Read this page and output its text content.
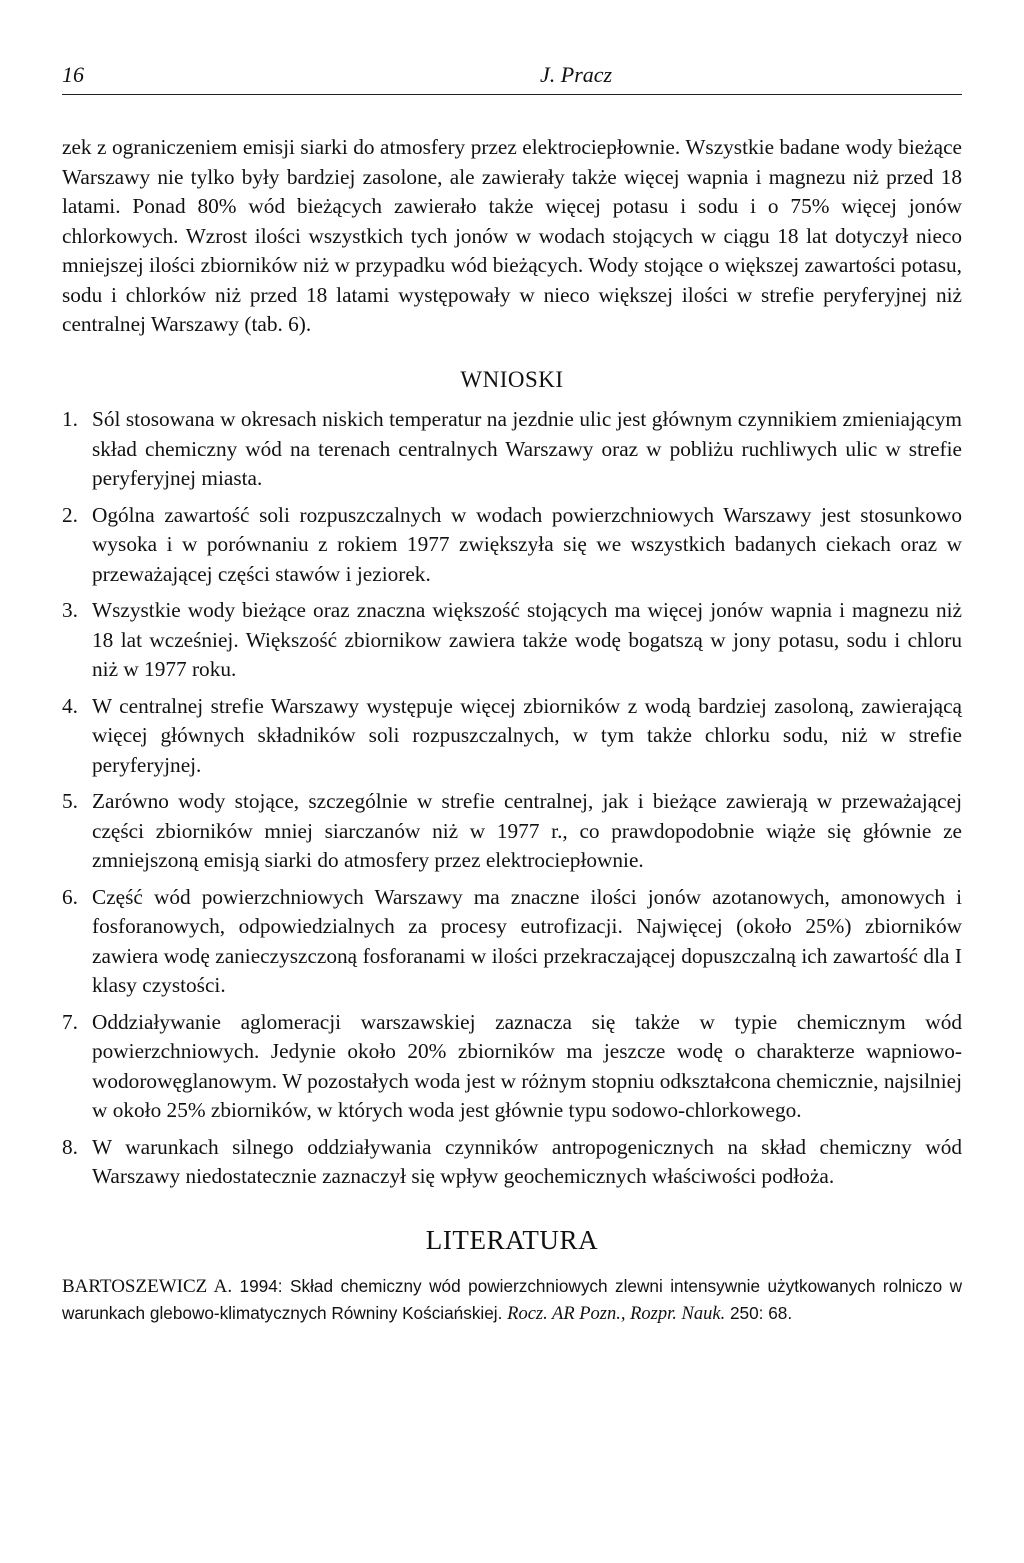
16	J. Pracz

zek z ograniczeniem emisji siarki do atmosfery przez elektrociepłownie. Wszystkie badane wody bieżące Warszawy nie tylko były bardziej zasolone, ale zawierały także więcej wapnia i magnezu niż przed 18 latami. Ponad 80% wód bieżących zawierało także więcej potasu i sodu i o 75% więcej jonów chlorkowych. Wzrost ilości wszystkich tych jonów w wodach stojących w ciągu 18 lat dotyczył nieco mniejszej ilości zbiorników niż w przypadku wód bieżących. Wody stojące o większej zawartości potasu, sodu i chlorków niż przed 18 latami występowały w nieco większej ilości w strefie peryferyjnej niż centralnej Warszawy (tab. 6).

WNIOSKI
1. Sól stosowana w okresach niskich temperatur na jezdnie ulic jest głównym czynnikiem zmieniającym skład chemiczny wód na terenach centralnych Warszawy oraz w pobliżu ruchliwych ulic w strefie peryferyjnej miasta.
2. Ogólna zawartość soli rozpuszczalnych w wodach powierzchniowych Warszawy jest stosunkowo wysoka i w porównaniu z rokiem 1977 zwiększyła się we wszystkich badanych ciekach oraz w przeważającej części stawów i jeziorek.
3. Wszystkie wody bieżące oraz znaczna większość stojących ma więcej jonów wapnia i magnezu niż 18 lat wcześniej. Większość zbiornikow zawiera także wodę bogatszą w jony potasu, sodu i chloru niż w 1977 roku.
4. W centralnej strefie Warszawy występuje więcej zbiorników z wodą bardziej zasoloną, zawierającą więcej głównych składników soli rozpuszczalnych, w tym także chlorku sodu, niż w strefie peryferyjnej.
5. Zarówno wody stojące, szczególnie w strefie centralnej, jak i bieżące zawierają w przeważającej części zbiorników mniej siarczanów niż w 1977 r., co prawdopodobnie wiąże się głównie ze zmniejszoną emisją siarki do atmosfery przez elektrociepłownie.
6. Część wód powierzchniowych Warszawy ma znaczne ilości jonów azotanowych, amonowych i fosforanowych, odpowiedzialnych za procesy eutrofizacji. Najwięcej (około 25%) zbiorników zawiera wodę zanieczyszczoną fosforanami w ilości przekraczającej dopuszczalną ich zawartość dla I klasy czystości.
7. Oddziaływanie aglomeracji warszawskiej zaznacza się także w typie chemicznym wód powierzchniowych. Jedynie około 20% zbiorników ma jeszcze wodę o charakterze wapniowo-wodorowęglanowym. W pozostałych woda jest w różnym stopniu odkształcona chemicznie, najsilniej w około 25% zbiorników, w których woda jest głównie typu sodowo-chlorkowego.
8. W warunkach silnego oddziaływania czynników antropogenicznych na skład chemiczny wód Warszawy niedostatecznie zaznaczył się wpływ geochemicznych właściwości podłoża.
LITERATURA
BARTOSZEWICZ A. 1994: Skład chemiczny wód powierzchniowych zlewni intensywnie użytkowanych rolniczo w warunkach glebowo-klimatycznych Równiny Kościańskiej. Rocz. AR Pozn., Rozpr. Nauk. 250: 68.
